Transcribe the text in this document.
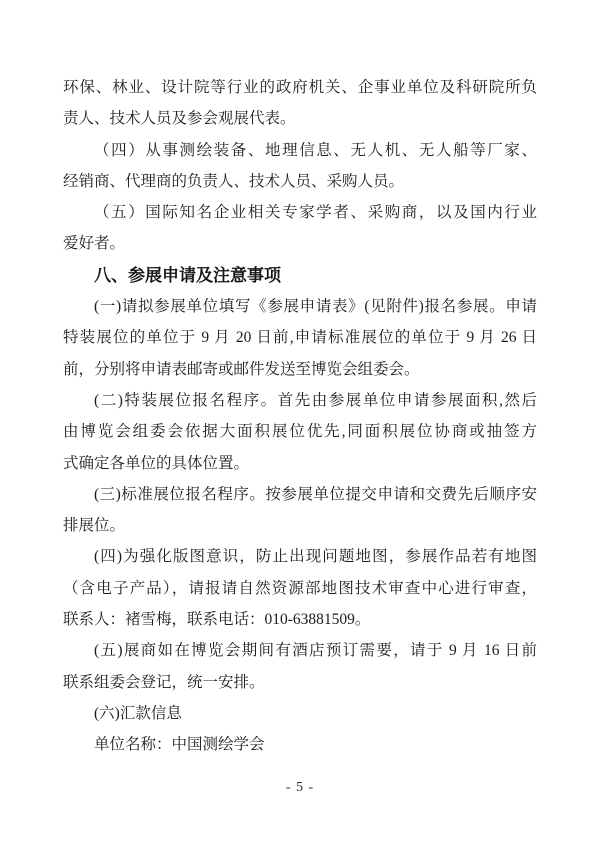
环保、林业、设计院等行业的政府机关、企事业单位及科研院所负
责人、技术人员及参会观展代表。
（四）从事测绘装备、地理信息、无人机、无人船等厂家、
经销商、代理商的负责人、技术人员、采购人员。
（五）国际知名企业相关专家学者、采购商，以及国内行业
爱好者。
八、参展申请及注意事项
(一)请拟参展单位填写《参展申请表》(见附件)报名参展。申请
特装展位的单位于 9 月 20 日前,申请标准展位的单位于 9 月 26 日
前，分别将申请表邮寄或邮件发送至博览会组委会。
(二)特装展位报名程序。首先由参展单位申请参展面积,然后
由博览会组委会依据大面积展位优先,同面积展位协商或抽签方
式确定各单位的具体位置。
(三)标准展位报名程序。按参展单位提交申请和交费先后顺序安
排展位。
(四)为强化版图意识，防止出现问题地图，参展作品若有地图
（含电子产品），请报请自然资源部地图技术审查中心进行审查，
联系人：褚雪梅，联系电话：010-63881509。
(五)展商如在博览会期间有酒店预订需要，请于 9 月 16 日前
联系组委会登记，统一安排。
(六)汇款信息
单位名称：中国测绘学会
- 5 -
